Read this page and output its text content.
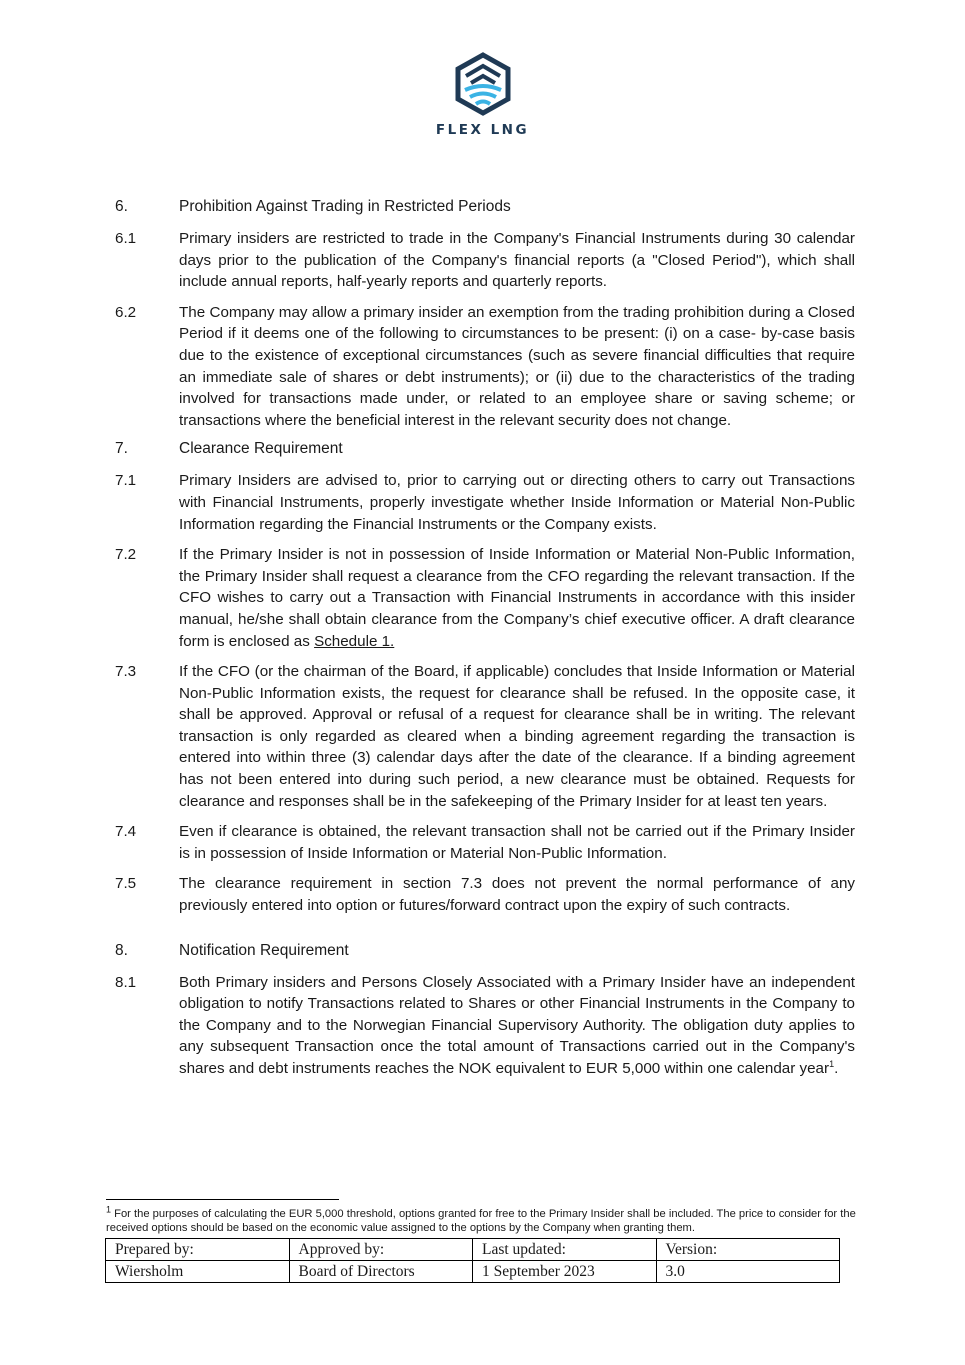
FLEX LNG
6.	Prohibition Against Trading in Restricted Periods
6.1	Primary insiders are restricted to trade in the Company's Financial Instruments during 30 calendar days prior to the publication of the Company's financial reports (a "Closed Period"), which shall include annual reports, half-yearly reports and quarterly reports.
6.2	The Company may allow a primary insider an exemption from the trading prohibition during a Closed Period if it deems one of the following to circumstances to be present: (i) on a case- by-case basis due to the existence of exceptional circumstances (such as severe financial difficulties that require an immediate sale of shares or debt instruments); or (ii) due to the characteristics of the trading involved for transactions made under, or related to an employee share or saving scheme; or transactions where the beneficial interest in the relevant security does not change.
7.	Clearance Requirement
7.1	Primary Insiders are advised to, prior to carrying out or directing others to carry out Transactions with Financial Instruments, properly investigate whether Inside Information or Material Non-Public Information regarding the Financial Instruments or the Company exists.
7.2	If the Primary Insider is not in possession of Inside Information or Material Non-Public Information, the Primary Insider shall request a clearance from the CFO regarding the relevant transaction. If the CFO wishes to carry out a Transaction with Financial Instruments in accordance with this insider manual, he/she shall obtain clearance from the Company’s chief executive officer. A draft clearance form is enclosed as Schedule 1.
7.3	If the CFO (or the chairman of the Board, if applicable) concludes that Inside Information or Material Non-Public Information exists, the request for clearance shall be refused. In the opposite case, it shall be approved. Approval or refusal of a request for clearance shall be in writing. The relevant transaction is only regarded as cleared when a binding agreement regarding the transaction is entered into within three (3) calendar days after the date of the clearance. If a binding agreement has not been entered into during such period, a new clearance must be obtained. Requests for clearance and responses shall be in the safekeeping of the Primary Insider for at least ten years.
7.4	Even if clearance is obtained, the relevant transaction shall not be carried out if the Primary Insider is in possession of Inside Information or Material Non-Public Information.
7.5	The clearance requirement in section 7.3 does not prevent the normal performance of any previously entered into option or futures/forward contract upon the expiry of such contracts.
8.	Notification Requirement
8.1	Both Primary insiders and Persons Closely Associated with a Primary Insider have an independent obligation to notify Transactions related to Shares or other Financial Instruments in the Company to the Company and to the Norwegian Financial Supervisory Authority. The obligation duty applies to any subsequent Transaction once the total amount of Transactions carried out in the Company's shares and debt instruments reaches the NOK equivalent to EUR 5,000 within one calendar year$^1$.
$^1$ For the purposes of calculating the EUR 5,000 threshold, options granted for free to the Primary Insider shall be included. The price to consider for the received options should be based on the economic value assigned to the options by the Company when granting them.
Prepared by:	Approved by:	Last updated:	Version:
Wiersholm	Board of Directors	1 September 2023	3.0
